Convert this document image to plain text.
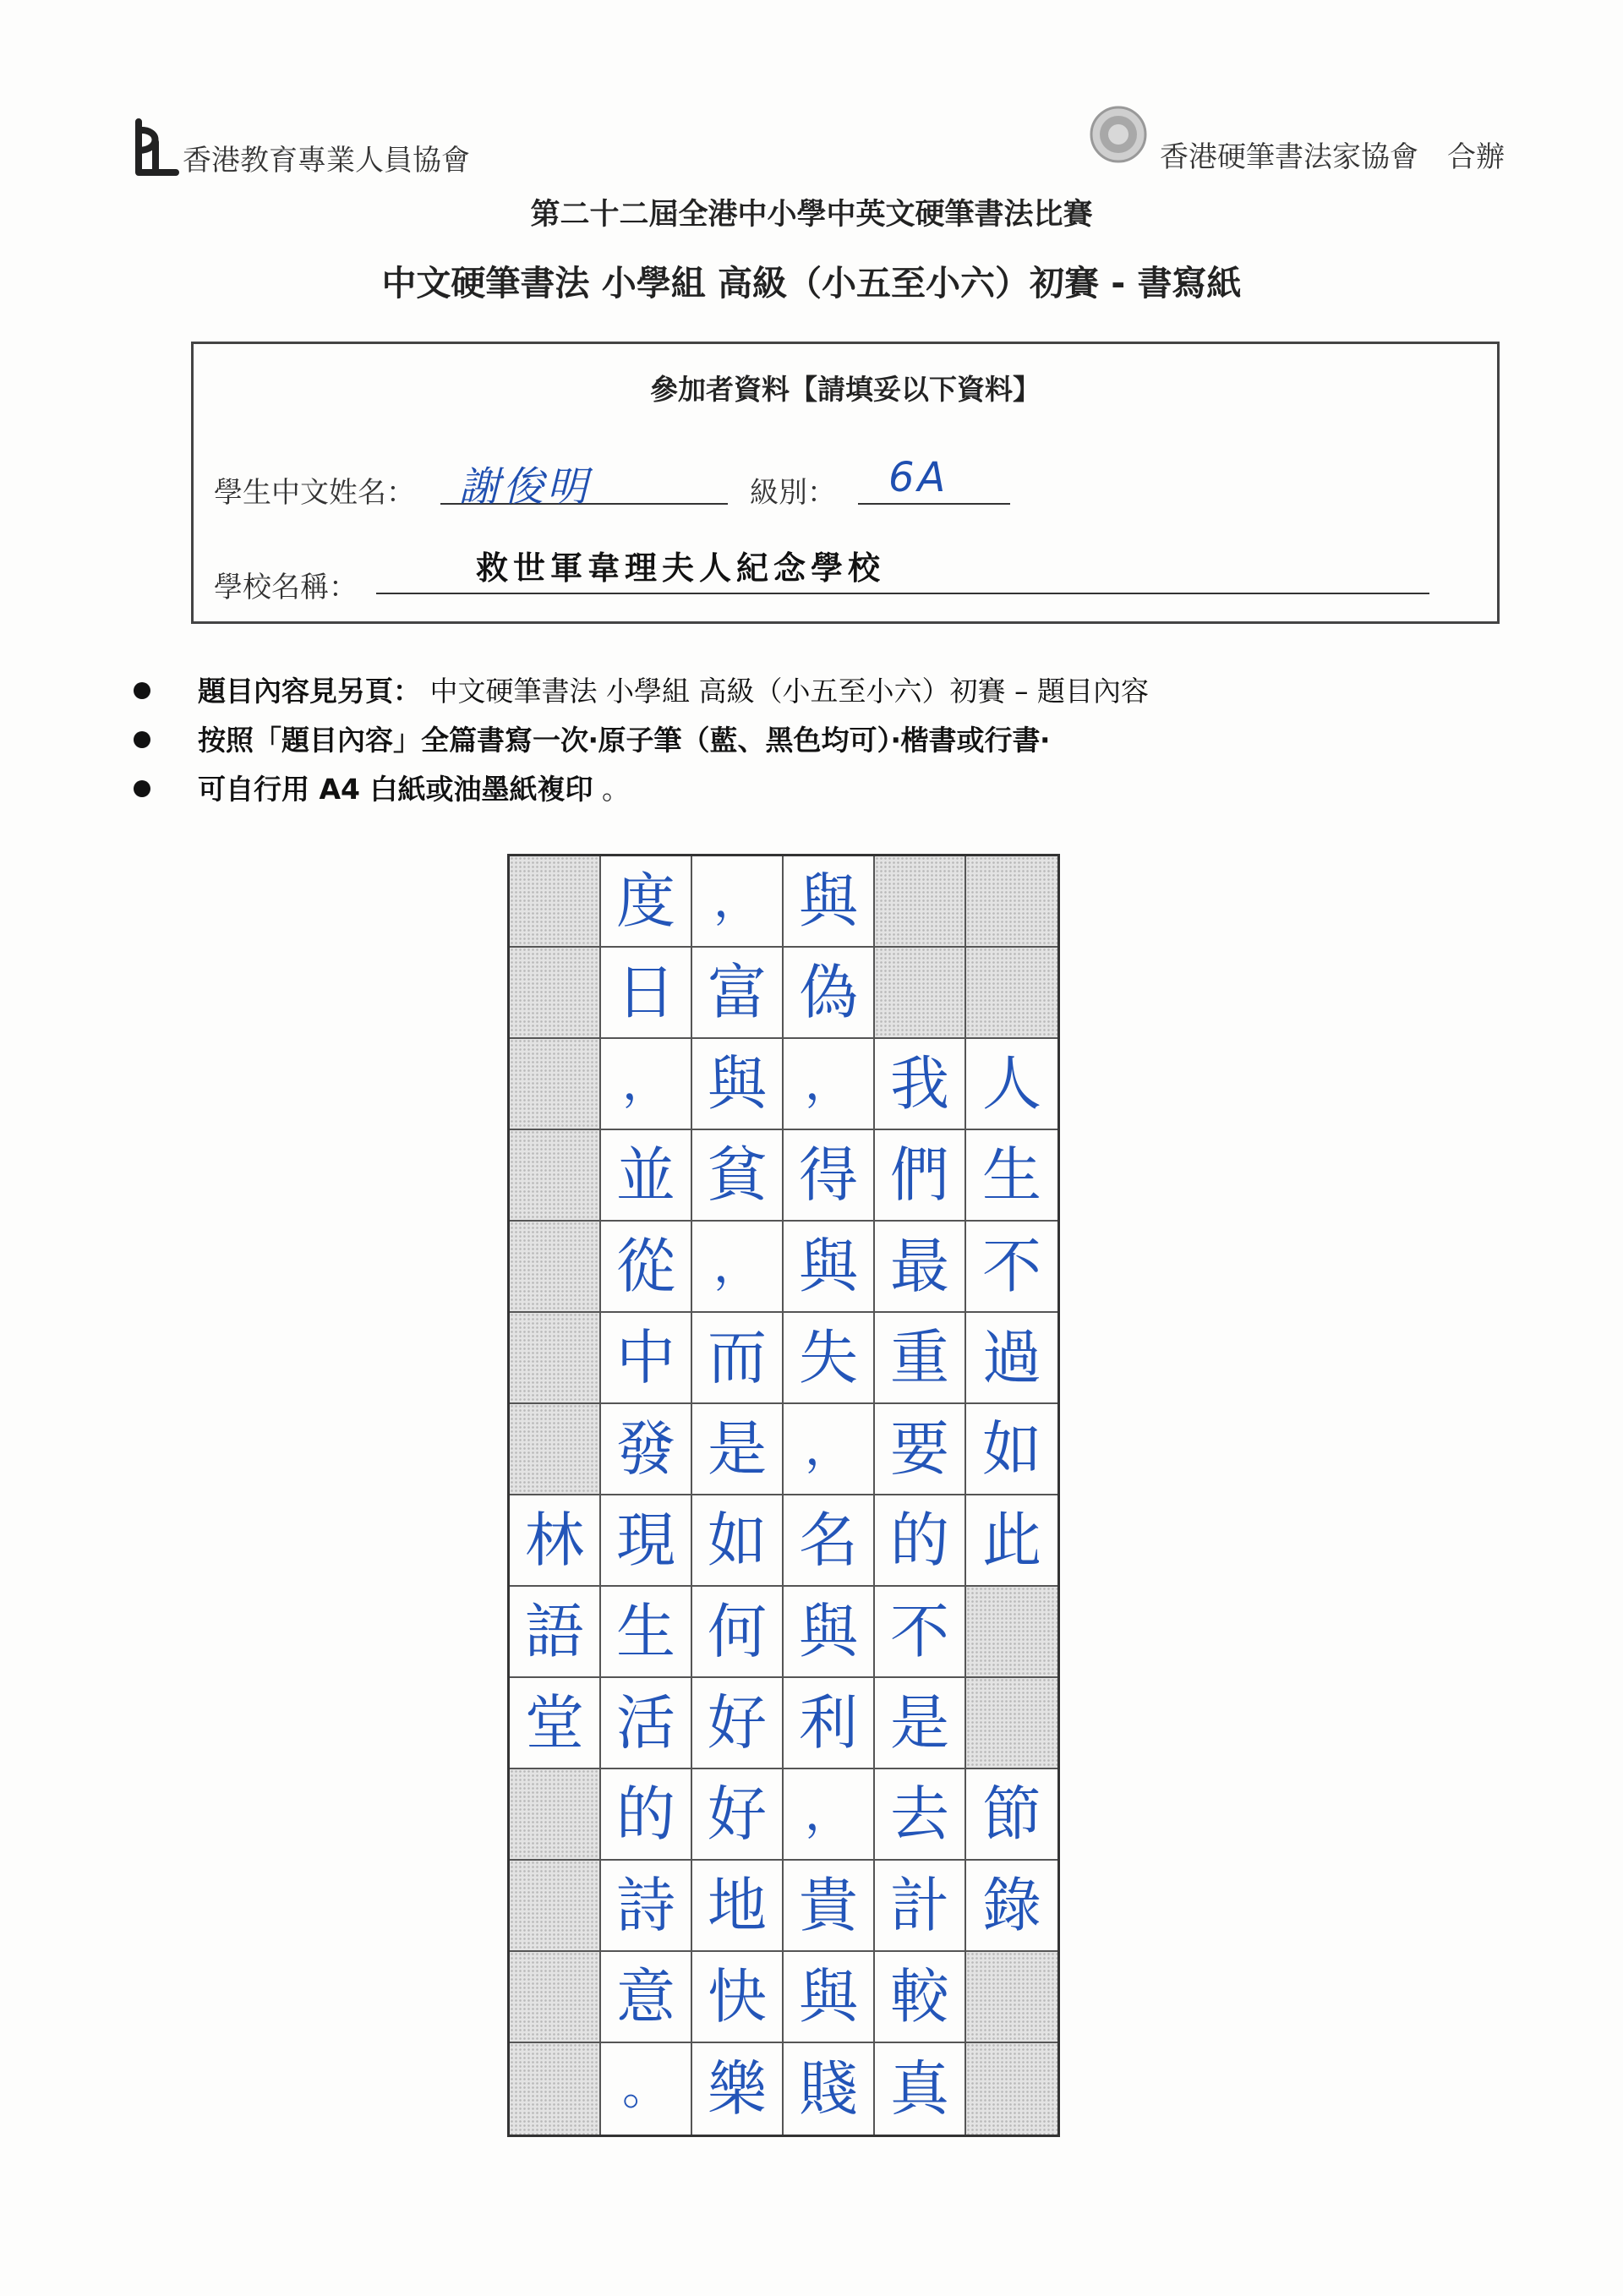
香港教育專業人員協會	香港硬筆書法家協會　合辦
第二十二屆全港中小學中英文硬筆書法比賽
中文硬筆書法 小學組 高級（小五至小六）初賽 - 書寫紙
參加者資料【請填妥以下資料】
學生中文姓名： 謝俊明	級別： 6A
學校名稱：
救世軍韋理夫人紀念學校
題目內容見另頁： 中文硬筆書法 小學組 高級（小五至小六）初賽 – 題目內容
按照「題目內容」全篇書寫一次‧原子筆（藍、黑色均可）‧楷書或行書‧
可自行用 A4 白紙或油墨紙複印 。
度 ， 與
日 富 偽
， 與 ， 我 人
並 貧 得 們 生
從 ， 與 最 不
中 而 失 重 過
發 是 ， 要 如
林 現 如 名 的 此
語 生 何 與 不
堂 活 好 利 是
的 好 ， 去 節
詩 地 貴 計 錄
意 快 與 較
。 樂 賤 真
